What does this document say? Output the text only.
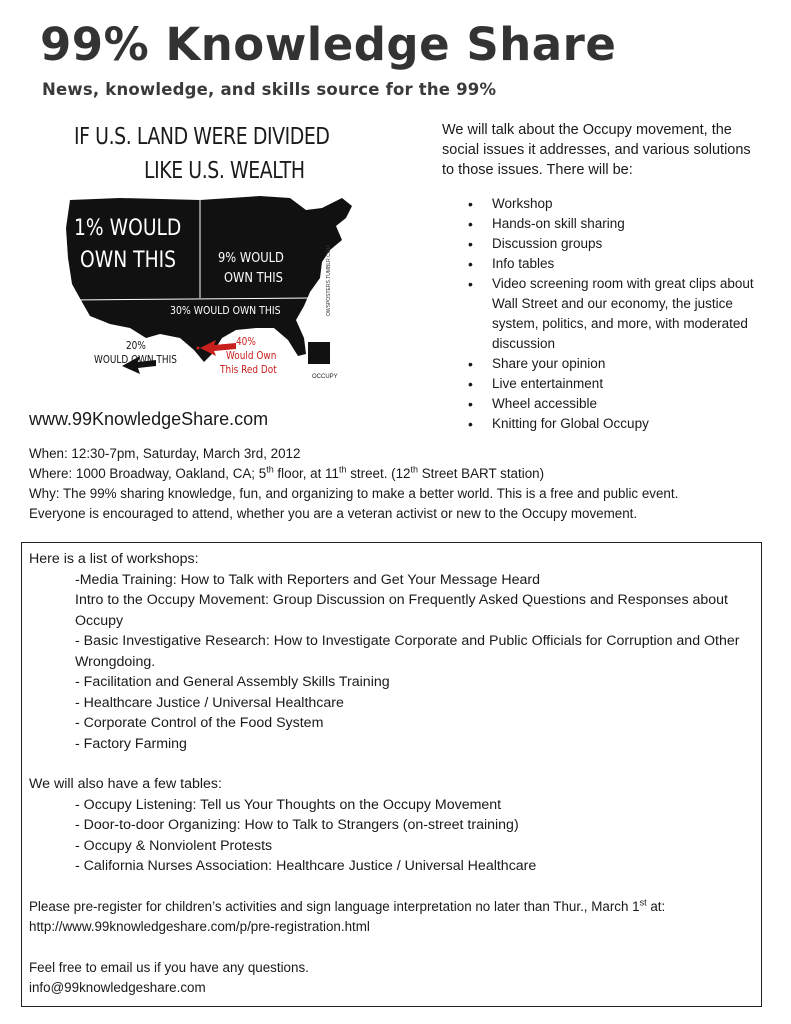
99% Knowledge Share
News, knowledge, and skills source for the 99%
IF U.S. LAND WERE DIVIDED
LIKE U.S. WEALTH
1% WOULD
OWN THIS	9% WOULD
OWN THIS
30% WOULD OWN THIS
20%
WOULD OWN THIS
40%
Would Own
This Red Dot
OWSPOSTERS.TUMBLR.COM
OCCUPY
We will talk about the Occupy movement, the social issues it addresses, and various solutions to those issues. There will be:
• Workshop
• Hands-on skill sharing
• Discussion groups
• Info tables
• Video screening room with great clips about Wall Street and our economy, the justice system, politics, and more, with moderated discussion
• Share your opinion
• Live entertainment
• Wheel accessible
• Knitting for Global Occupy
www.99KnowledgeShare.com
When: 12:30-7pm, Saturday, March 3rd, 2012
Where: 1000 Broadway, Oakland, CA; 5th floor, at 11th street. (12th Street BART station)
Why: The 99% sharing knowledge, fun, and organizing to make a better world. This is a free and public event.
Everyone is encouraged to attend, whether you are a veteran activist or new to the Occupy movement.
Here is a list of workshops:
-Media Training: How to Talk with Reporters and Get Your Message Heard
Intro to the Occupy Movement: Group Discussion on Frequently Asked Questions and Responses about Occupy
- Basic Investigative Research: How to Investigate Corporate and Public Officials for Corruption and Other Wrongdoing.
- Facilitation and General Assembly Skills Training
- Healthcare Justice / Universal Healthcare
- Corporate Control of the Food System
- Factory Farming
We will also have a few tables:
- Occupy Listening: Tell us Your Thoughts on the Occupy Movement
- Door-to-door Organizing: How to Talk to Strangers (on-street training)
- Occupy & Nonviolent Protests
- California Nurses Association: Healthcare Justice / Universal Healthcare
Please pre-register for children’s activities and sign language interpretation no later than Thur., March 1st at:
http://www.99knowledgeshare.com/p/pre-registration.html
Feel free to email us if you have any questions.
info@99knowledgeshare.com
